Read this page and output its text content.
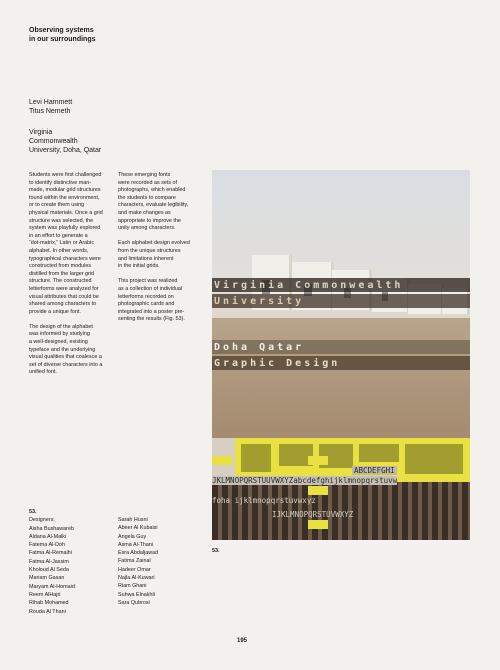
Observing systems
in our surroundings
Levi Hammett
Titus Nemeth
Virginia
Commonwealth
University, Doha, Qatar
Students were first challenged
to identify distinctive man-
made, modular grid structures
found within the environment,
or to create them using
physical materials. Once a grid
structure was selected, the
system was playfully explored
in an effort to generate a
“dot-matrix,” Latin or Arabic
alphabet. In other words,
typographical characters were
constructed from modules
distilled from the larger grid
structure. The constructed
letterforms were analyzed for
visual attributes that could be
shared among characters to
provide a unique font.
The design of the alphabet
was informed by studying
a well-designed, existing
typeface and the underlying
visual qualities that coalesce a
set of diverse characters into a
unified font.
These emerging fonts
were recorded as sets of
photographs, which enabled
the students to compare
characters, evaluate legibility,
and make changes as
appropriate to improve the
unity among characters.
Each alphabet design evolved
from the unique structures
and limitations inherent
in the initial grids.
This project was realized
as a collection of individual
letterforms recorded on
photographic cards and
integrated into a poster pre-
senting the results (Fig. 53).
53.
Designers:
Aisha Bushawareb
Aldana Al-Malki
Fatema Al-Doh
Fatma Al-Remaihi
Fatma Al-Jassim
Kholoud Al Seda
Mariam Gasan
Maryam Al-Homaid
Reem AlHajri
Rihab Mohamed
Rouda Al Thani
Sarah Husni
Abeer Al Kubaisi
Angela Guy
Asma Al-Thani
Esra Abdaljawad
Fatima Zainal
Hadeer Omar
Najla Al-Kuwari
Riam Ghani
Suhwa Elnakhli
Sara Qubrosi
Virginia Commonwealth
University
Doha Qatar
Graphic Design
ABCDEFGHI
JKLMNOPQRSTUUVWXYZabcdefghijklmnopqrstuvw
foha ijklmnopqrstuvwxyz
IJKLMNOPQRSTUVWXYZ
53.
195
